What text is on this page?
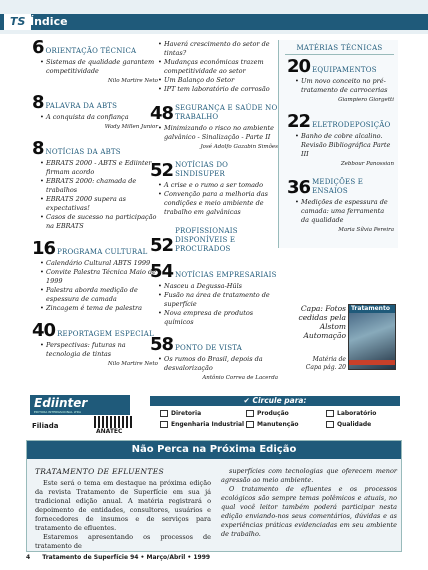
TS Índice
6 ORIENTAÇÃO TÉCNICA
• Sistemas de qualidade garantem competitividade
Nilo Martire Neto
8 PALAVRA DA ABTS
• A conquista da confiança
Wady Millen Junior
8 NOTÍCIAS DA ABTS
• EBRATS 2000 - ABTS e Ediinter firmam acordo
• EBRATS 2000: chamada de trabalhos
• EBRATS 2000 supera as expectativas!
• Casos de sucesso na participação na EBRATS
16 PROGRAMA CULTURAL
• Calendário Cultural ABTS 1999
• Convite Palestra Técnica Maio de 1999
• Palestra aborda medição de espessura de camada
• Zincagem é tema de palestra
40 REPORTAGEM ESPECIAL
• Perspectivas: futuras na tecnologia de tintas
Nilo Martire Neto
• Haverá crescimento do setor de tintas?
• Mudanças econômicas trazem competitividade ao setor
• Um Balanço do Setor
• IPT tem laboratório de corrosão
48 SEGURANÇA E SAÚDE NO TRABALHO
• Minimizando o risco no ambiente galvânico - Sinalização - Parte II
José Adolfo Gazabin Simões
52 NOTÍCIAS DO SINDISUPER
• A crise e o rumo a ser tomado
• Convenção para a melhoria das condições e meio ambiente de trabalho em galvânicas
52
PROFISSIONAIS DISPONÍVEIS E PROCURADOS
54 NOTÍCIAS EMPRESARIAIS
• Nasceu a Degussa-Hüls
• Fusão na área de tratamento de superfície
• Nova empresa de produtos químicos
58 PONTO DE VISTA
• Os rumos do Brasil, depois da desvalorização
Antônio Correa de Lacerda
MATÉRIAS TÉCNICAS
20 EQUIPAMENTOS
• Um novo conceito no pré-tratamento de carrocerias
Giampiero Giorgetti
22 ELETRODEPOSIÇÃO
• Banho de cobre alcalino. Revisão Bibliográfica Parte III
Zebbour Panossian
36 MEDIÇÕES E ENSAIOS
• Medições de espessura de camada: uma ferramenta da qualidade
Maria Sílvia Pereira
Capa: Fotos cedidas pela Alstom Automação
Tratamento
Matéria de Capa pág. 20
Ediinter
EDITORA INTERNACIONAL LTDA
Filiada
ANATEC
✔ Circule para:
Diretoria	Produção	Laboratório
Engenharia Industrial Manutenção	Qualidade
Não Perca na Próxima Edição
TRATAMENTO DE EFLUENTES

Este será o tema em destaque na próxima edição da revista Tratamento de Superfície em sua já tradicional edição anual. A matéria registrará o depoimento de entidades, consultores, usuários e fornecedores de insumos e de serviços para tratamento de efluentes.

Estaremos apresentando os processos de tratamento de

superfícies com tecnologias que oferecem menor agressão ao meio ambiente.

O tratamento de efluentes e os processos ecológicos são sempre temas polêmicos e atuais, no qual você leitor também poderá participar nesta edição enviando-nos seus comentários, dúvidas e as experiências práticas evidenciadas em seu ambiente de trabalho.

4 Tratamento de Superfície 94 • Março/Abril • 1999
